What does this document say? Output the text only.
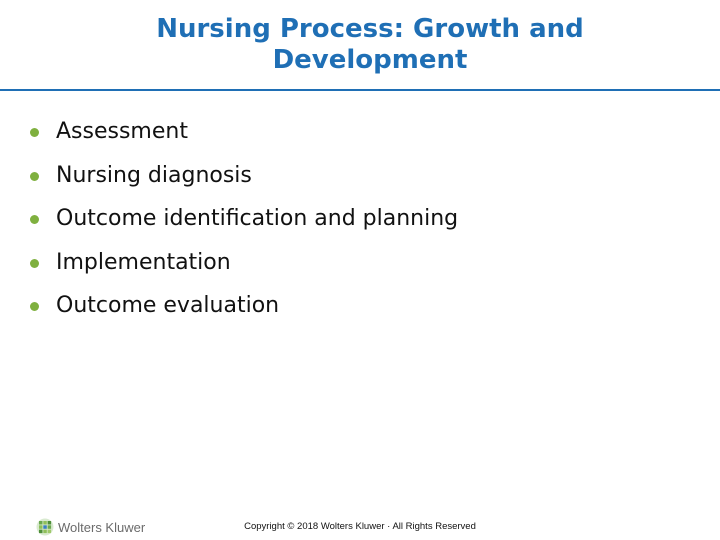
Nursing Process: Growth and Development
Assessment
Nursing diagnosis
Outcome identification and planning
Implementation
Outcome evaluation
Wolters Kluwer	Copyright © 2018 Wolters Kluwer · All Rights Reserved
